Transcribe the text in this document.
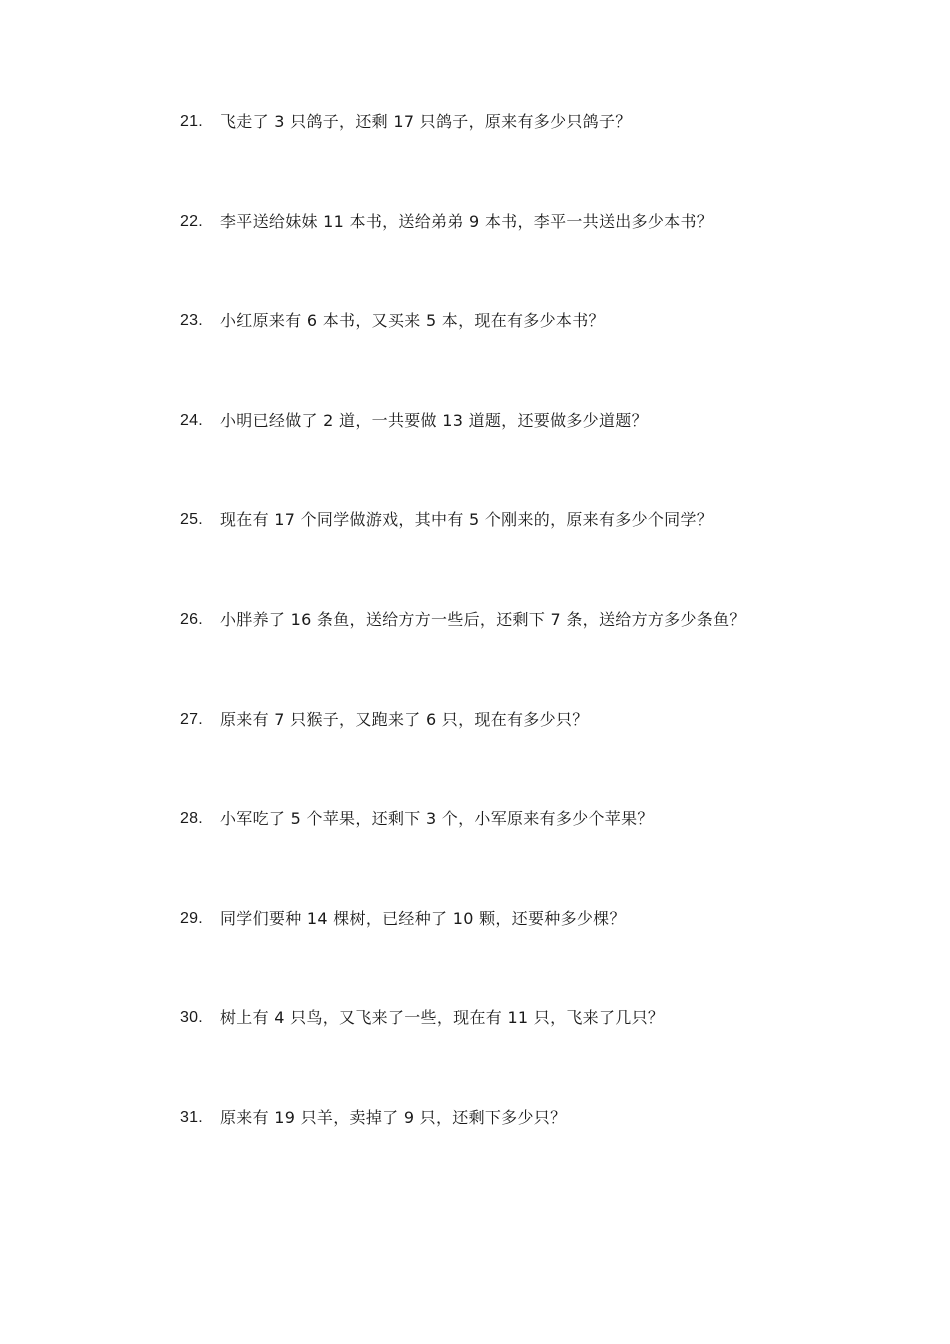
21.	飞走了 3 只鸽子，还剩 17 只鸽子，原来有多少只鸽子？
22.	李平送给妹妹 11 本书，送给弟弟 9 本书，李平一共送出多少本书？
23.	小红原来有 6 本书，又买来 5 本，现在有多少本书？
24.	小明已经做了 2 道，一共要做 13 道题，还要做多少道题？
25.	现在有 17 个同学做游戏，其中有 5 个刚来的，原来有多少个同学？
26.	小胖养了 16 条鱼，送给方方一些后，还剩下 7 条，送给方方多少条鱼？
27.	原来有 7 只猴子，又跑来了 6 只，现在有多少只？
28.	小军吃了 5 个苹果，还剩下 3 个，小军原来有多少个苹果？
29.	同学们要种 14 棵树，已经种了 10 颗，还要种多少棵？
30.	树上有 4 只鸟，又飞来了一些，现在有 11 只，飞来了几只？
31.	原来有 19 只羊，卖掉了 9 只，还剩下多少只？
